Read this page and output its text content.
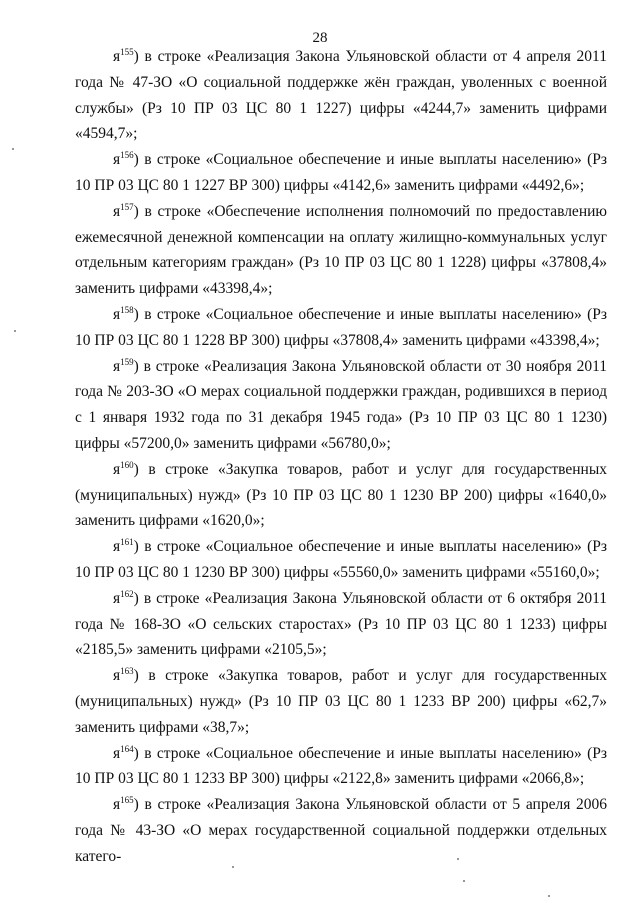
28

$я^{155}$) в строке «Реализация Закона Ульяновской области от 4 апреля 2011 года № 47-ЗО «О социальной поддержке жён граждан, уволенных с военной службы» (Рз 10 ПР 03 ЦС 80 1 1227) цифры «4244,7» заменить цифрами «4594,7»;

$я^{156}$) в строке «Социальное обеспечение и иные выплаты населению» (Рз 10 ПР 03 ЦС 80 1 1227 ВР 300) цифры «4142,6» заменить цифрами «4492,6»;

$я^{157}$) в строке «Обеспечение исполнения полномочий по предоставлению ежемесячной денежной компенсации на оплату жилищно-коммунальных услуг отдельным категориям граждан» (Рз 10 ПР 03 ЦС 80 1 1228) цифры «37808,4» заменить цифрами «43398,4»;

$я^{158}$) в строке «Социальное обеспечение и иные выплаты населению» (Рз 10 ПР 03 ЦС 80 1 1228 ВР 300) цифры «37808,4» заменить цифрами «43398,4»;

$я^{159}$) в строке «Реализация Закона Ульяновской области от 30 ноября 2011 года № 203-ЗО «О мерах социальной поддержки граждан, родившихся в период с 1 января 1932 года по 31 декабря 1945 года» (Рз 10 ПР 03 ЦС 80 1 1230) цифры «57200,0» заменить цифрами «56780,0»;

$я^{160}$) в строке «Закупка товаров, работ и услуг для государственных (муниципальных) нужд» (Рз 10 ПР 03 ЦС 80 1 1230 ВР 200) цифры «1640,0» заменить цифрами «1620,0»;

$я^{161}$) в строке «Социальное обеспечение и иные выплаты населению» (Рз 10 ПР 03 ЦС 80 1 1230 ВР 300) цифры «55560,0» заменить цифрами «55160,0»;

$я^{162}$) в строке «Реализация Закона Ульяновской области от 6 октября 2011 года № 168-ЗО «О сельских старостах» (Рз 10 ПР 03 ЦС 80 1 1233) цифры «2185,5» заменить цифрами «2105,5»;

$я^{163}$) в строке «Закупка товаров, работ и услуг для государственных (муниципальных) нужд» (Рз 10 ПР 03 ЦС 80 1 1233 ВР 200) цифры «62,7» заменить цифрами «38,7»;

$я^{164}$) в строке «Социальное обеспечение и иные выплаты населению» (Рз 10 ПР 03 ЦС 80 1 1233 ВР 300) цифры «2122,8» заменить цифрами «2066,8»;

$я^{165}$) в строке «Реализация Закона Ульяновской области от 5 апреля 2006 года № 43-ЗО «О мерах государственной социальной поддержки отдельных катего-
